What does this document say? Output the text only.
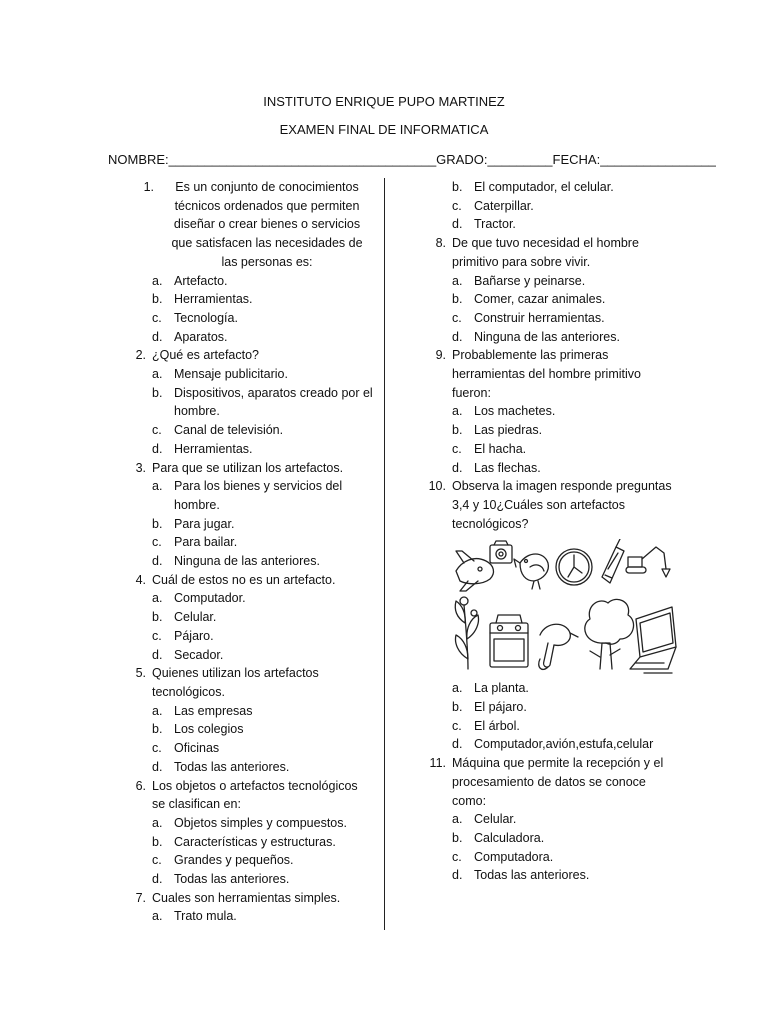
INSTITUTO ENRIQUE PUPO MARTINEZ
EXAMEN FINAL DE INFORMATICA
NOMBRE:_____________________________________GRADO:_________FECHA:________________
1. Es un conjunto de conocimientos técnicos ordenados que permiten diseñar o crear bienes o servicios que satisfacen las necesidades de las personas es:
a. Artefacto.
b. Herramientas.
c. Tecnología.
d. Aparatos.
2. ¿Qué es artefacto?
a. Mensaje publicitario.
b. Dispositivos, aparatos creado por el hombre.
c. Canal de televisión.
d. Herramientas.
3. Para que se utilizan los artefactos.
a. Para los bienes y servicios del hombre.
b. Para jugar.
c. Para bailar.
d. Ninguna de las anteriores.
4. Cuál de estos no es un artefacto.
a. Computador.
b. Celular.
c. Pájaro.
d. Secador.
5. Quienes utilizan los artefactos tecnológicos.
a. Las empresas
b. Los colegios
c. Oficinas
d. Todas las anteriores.
6. Los objetos o artefactos tecnológicos se clasifican en:
a. Objetos simples y compuestos.
b. Características y estructuras.
c. Grandes y pequeños.
d. Todas las anteriores.
7. Cuales son herramientas simples.
a. Trato mula.
b. El computador, el celular.
c. Caterpillar.
d. Tractor.
8. De que tuvo necesidad el hombre primitivo para sobre vivir.
a. Bañarse y peinarse.
b. Comer, cazar animales.
c. Construir herramientas.
d. Ninguna de las anteriores.
9. Probablemente las primeras herramientas del hombre primitivo fueron:
a. Los machetes.
b. Las piedras.
c. El hacha.
d. Las flechas.
10. Observa la imagen responde preguntas 3,4 y 10¿Cuáles son artefactos tecnológicos?
a. La planta.
b. El pájaro.
c. El árbol.
d. Computador,avión,estufa,celular
11. Máquina que permite la recepción y el procesamiento de datos se conoce como:
a. Celular.
b. Calculadora.
c. Computadora.
d. Todas las anteriores.
